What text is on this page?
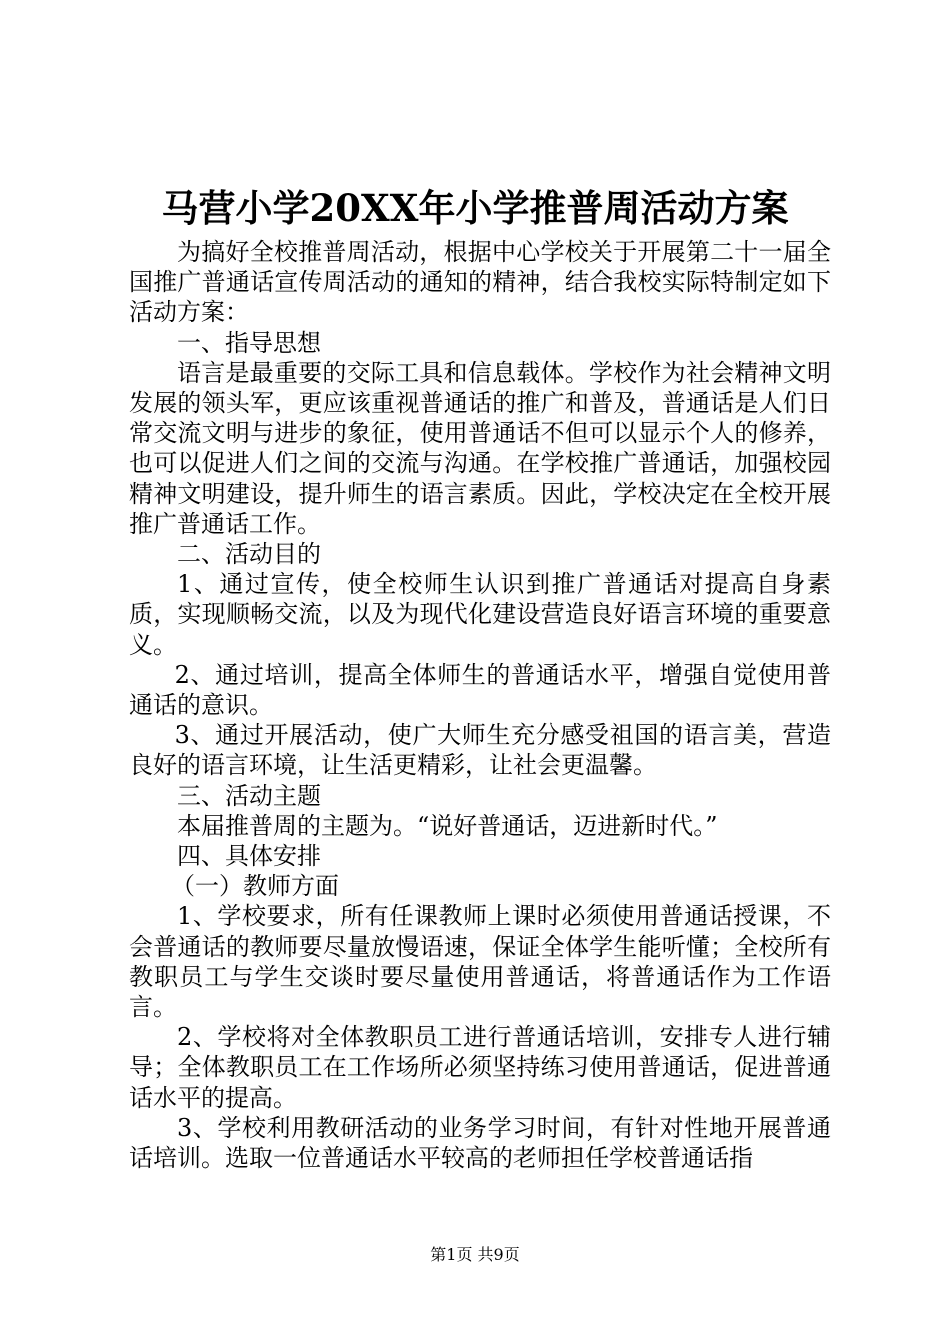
马营小学20XX年小学推普周活动方案

为搞好全校推普周活动，根据中心学校关于开展第二十一届全国推广普通话宣传周活动的通知的精神，结合我校实际特制定如下活动方案：

一、指导思想

语言是最重要的交际工具和信息载体。学校作为社会精神文明发展的领头军，更应该重视普通话的推广和普及，普通话是人们日常交流文明与进步的象征，使用普通话不但可以显示个人的修养，也可以促进人们之间的交流与沟通。在学校推广普通话，加强校园精神文明建设，提升师生的语言素质。因此，学校决定在全校开展推广普通话工作。

二、活动目的

1、通过宣传，使全校师生认识到推广普通话对提高自身素质，实现顺畅交流，以及为现代化建设营造良好语言环境的重要意义。

2、通过培训，提高全体师生的普通话水平，增强自觉使用普通话的意识。

3、通过开展活动，使广大师生充分感受祖国的语言美，营造良好的语言环境，让生活更精彩，让社会更温馨。

三、活动主题

本届推普周的主题为。“说好普通话，迈进新时代。”

四、具体安排

（一）教师方面

1、学校要求，所有任课教师上课时必须使用普通话授课，不会普通话的教师要尽量放慢语速，保证全体学生能听懂；全校所有教职员工与学生交谈时要尽量使用普通话，将普通话作为工作语言。

2、学校将对全体教职员工进行普通话培训，安排专人进行辅导；全体教职员工在工作场所必须坚持练习使用普通话，促进普通话水平的提高。

3、学校利用教研活动的业务学习时间，有针对性地开展普通话培训。选取一位普通话水平较高的老师担任学校普通话指

第1页 共9页
